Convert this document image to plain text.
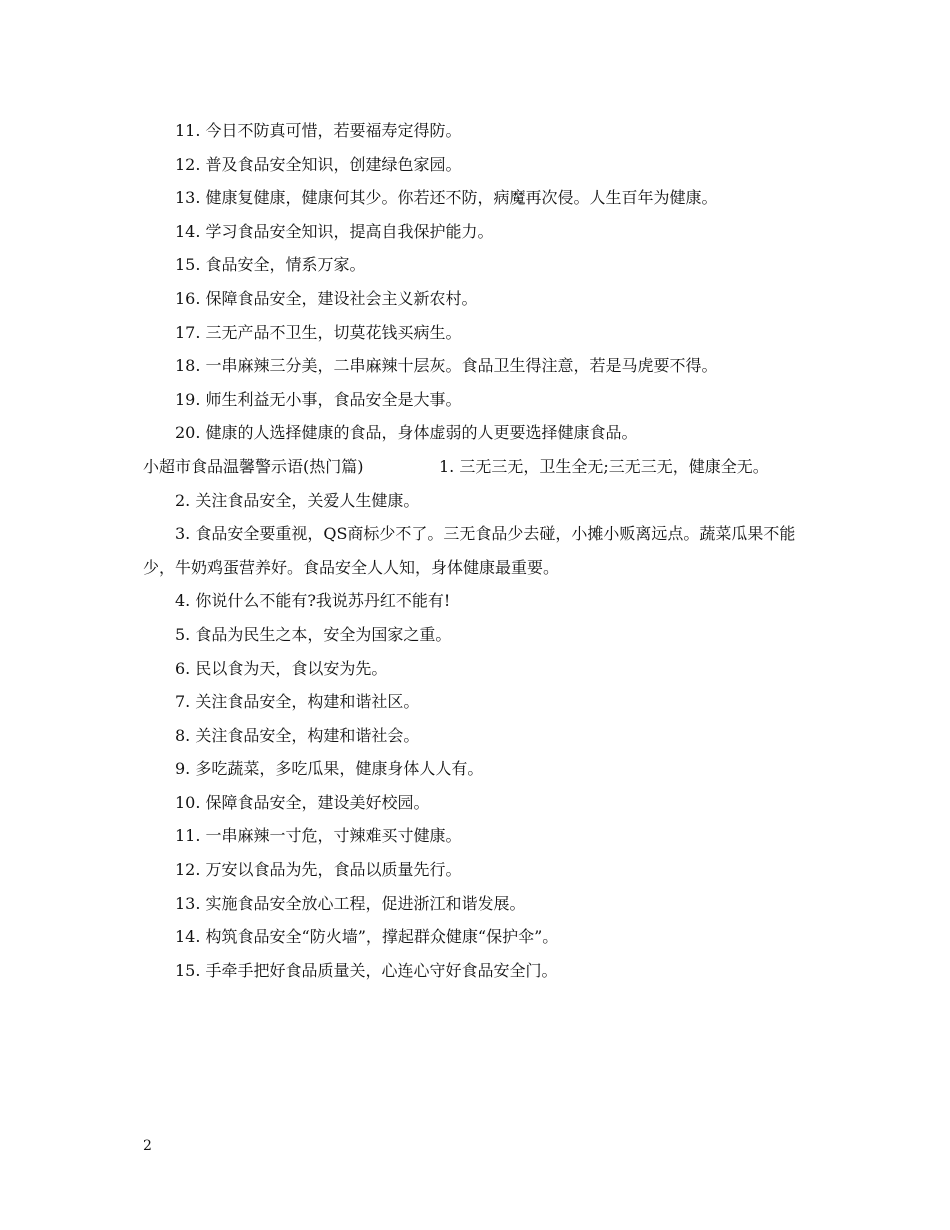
11. 今日不防真可惜，若要福寿定得防。
12. 普及食品安全知识，创建绿色家园。
13. 健康复健康，健康何其少。你若还不防，病魔再次侵。人生百年为健康。
14. 学习食品安全知识，提高自我保护能力。
15. 食品安全，情系万家。
16. 保障食品安全，建设社会主义新农村。
17. 三无产品不卫生，切莫花钱买病生。
18. 一串麻辣三分美，二串麻辣十层灰。食品卫生得注意，若是马虎要不得。
19. 师生利益无小事，食品安全是大事。
20. 健康的人选择健康的食品，身体虚弱的人更要选择健康食品。
小超市食品温馨警示语(热门篇)	1. 三无三无，卫生全无;三无三无，健康全无。
2. 关注食品安全，关爱人生健康。
3. 食品安全要重视，QS商标少不了。三无食品少去碰，小摊小贩离远点。蔬菜瓜果不能少，牛奶鸡蛋营养好。食品安全人人知，身体健康最重要。
4. 你说什么不能有?我说苏丹红不能有!
5. 食品为民生之本，安全为国家之重。
6. 民以食为天，食以安为先。
7. 关注食品安全，构建和谐社区。
8. 关注食品安全，构建和谐社会。
9. 多吃蔬菜，多吃瓜果，健康身体人人有。
10. 保障食品安全，建设美好校园。
11. 一串麻辣一寸危，寸辣难买寸健康。
12. 万安以食品为先，食品以质量先行。
13. 实施食品安全放心工程，促进浙江和谐发展。
14. 构筑食品安全“防火墙”，撑起群众健康“保护伞”。
15. 手牵手把好食品质量关，心连心守好食品安全门。
2
